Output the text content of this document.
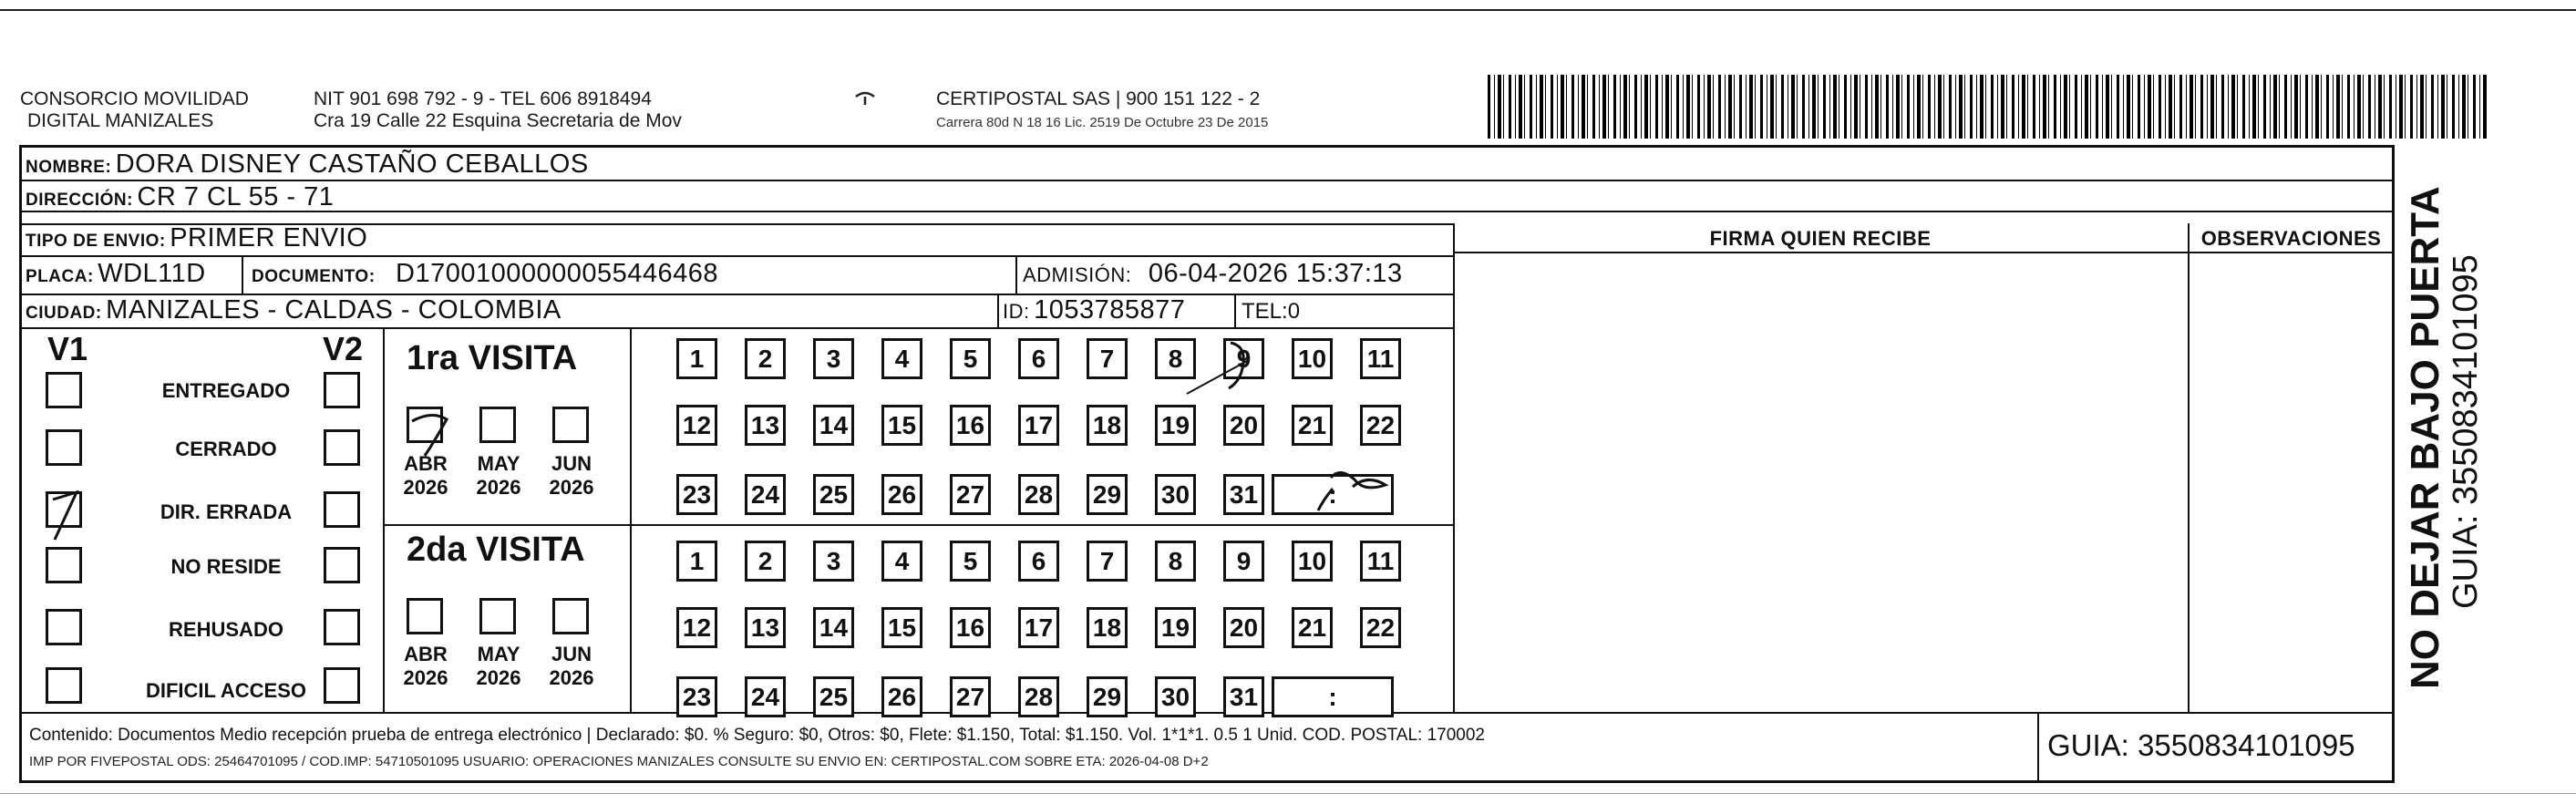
CONSORCIO MOVILIDAD
DIGITAL MANIZALES
NIT 901 698 792 - 9 - TEL 606 8918494
Cra 19 Calle 22 Esquina Secretaria de Mov
CERTIPOSTAL SAS | 900 151 122 - 2
Carrera 80d N 18 16 Lic. 2519 De Octubre 23 De 2015
NOMBRE: DORA DISNEY CASTAÑO CEBALLOS
DIRECCIÓN: CR 7 CL 55 - 71
TIPO DE ENVIO: PRIMER ENVIO
PLACA: WDL11D	DOCUMENTO: D17001000000055446468	ADMISIÓN: 06-04-2026 15:37:13
CIUDAD: MANIZALES - CALDAS - COLOMBIA	ID: 1053785877	TEL:0
FIRMA QUIEN RECIBE	OBSERVACIONES
V1	V2
ENTREGADO
CERRADO
DIR. ERRADA
NO RESIDE
REHUSADO
DIFICIL ACCESO
1ra VISITA
ABR
2026
MAY
2026
JUN
2026
2da VISITA
ABR
2026
MAY
2026
JUN
2026
1	2	3	4	5	6	7	8	9	10 11
12 13 14 15 16 17 18 19 20 21 22
23 24 25 26 27 28 29 30 31	:
1	2	3	4	5	6	7	8	9	10 11
12 13 14 15 16 17 18 19 20 21 22
23 24 25 26 27 28 29 30 31	:
Contenido: Documentos Medio recepción prueba de entrega electrónico | Declarado: $0. % Seguro: $0, Otros: $0, Flete: $1.150, Total: $1.150. Vol. 1*1*1. 0.5 1 Unid. COD. POSTAL: 170002
IMP POR FIVEPOSTAL ODS: 25464701095 / COD.IMP: 54710501095 USUARIO: OPERACIONES MANIZALES CONSULTE SU ENVIO EN: CERTIPOSTAL.COM SOBRE ETA: 2026-04-08 D+2	GUIA: 3550834101095
NO DEJAR BAJO PUERTA GUIA: 3550834101095
